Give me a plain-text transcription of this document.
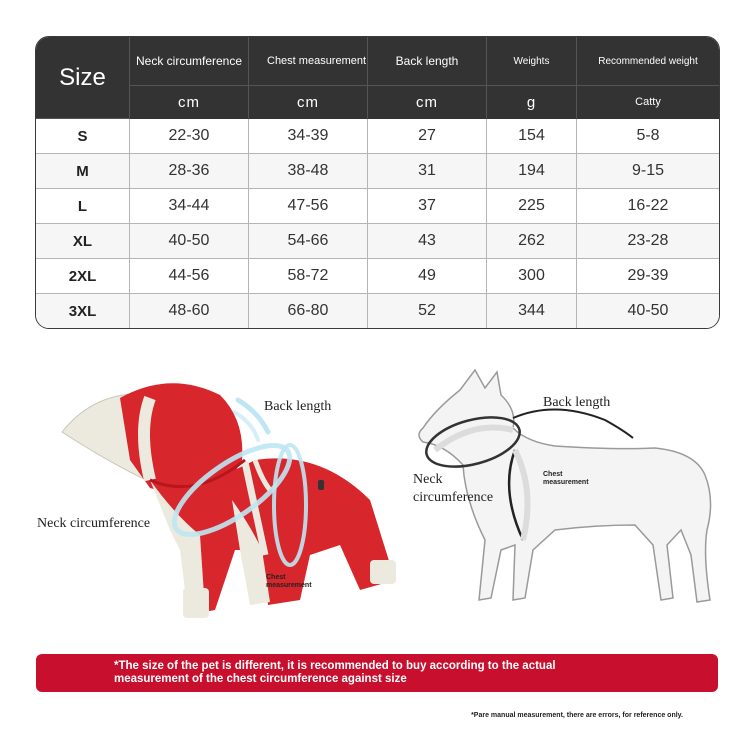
Size	Neck circumference	Chest measurement	Back length	Weights	Recommended weight
	cm	cm	cm	g	Catty
S	22-30	34-39	27	154	5-8
M	28-36	38-48	31	194	9-15
L	34-44	47-56	37	225	16-22
XL	40-50	54-66	43	262	23-28
2XL	44-56	58-72	49	300	29-39
3XL	48-60	66-80	52	344	40-50
Back length
Neck circumference
Chest
measurement
Back length
Neck
circumference
Chest
measurement
*The size of the pet is different, it is recommended to buy according to the actual
measurement of the chest circumference against size
*Pare manual measurement, there are errors, for reference only.
